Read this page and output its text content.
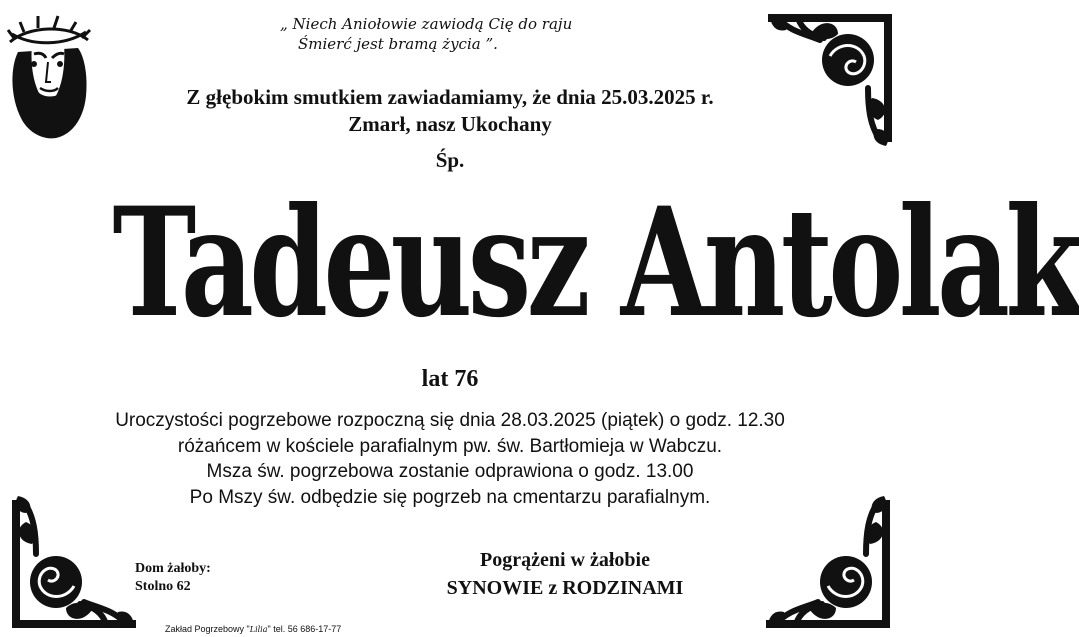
„ Niech Aniołowie zawiodą Cię do raju
Śmierć jest bramą życia ”.
Z głębokim smutkiem zawiadamiamy, że dnia 25.03.2025 r.
Zmarł, nasz Ukochany
Śp.
Tadeusz Antolak
lat 76
Uroczystości pogrzebowe rozpoczną się dnia 28.03.2025 (piątek) o godz. 12.30
różańcem w kościele parafialnym pw. św. Bartłomieja w Wabczu.
Msza św. pogrzebowa zostanie odprawiona o godz. 13.00
Po Mszy św. odbędzie się pogrzeb na cmentarzu parafialnym.
Dom żałoby:
Stolno 62
Pogrążeni w żałobie
SYNOWIE z RODZINAMI
Zakład Pogrzebowy "Lilia" tel. 56 686-17-77
